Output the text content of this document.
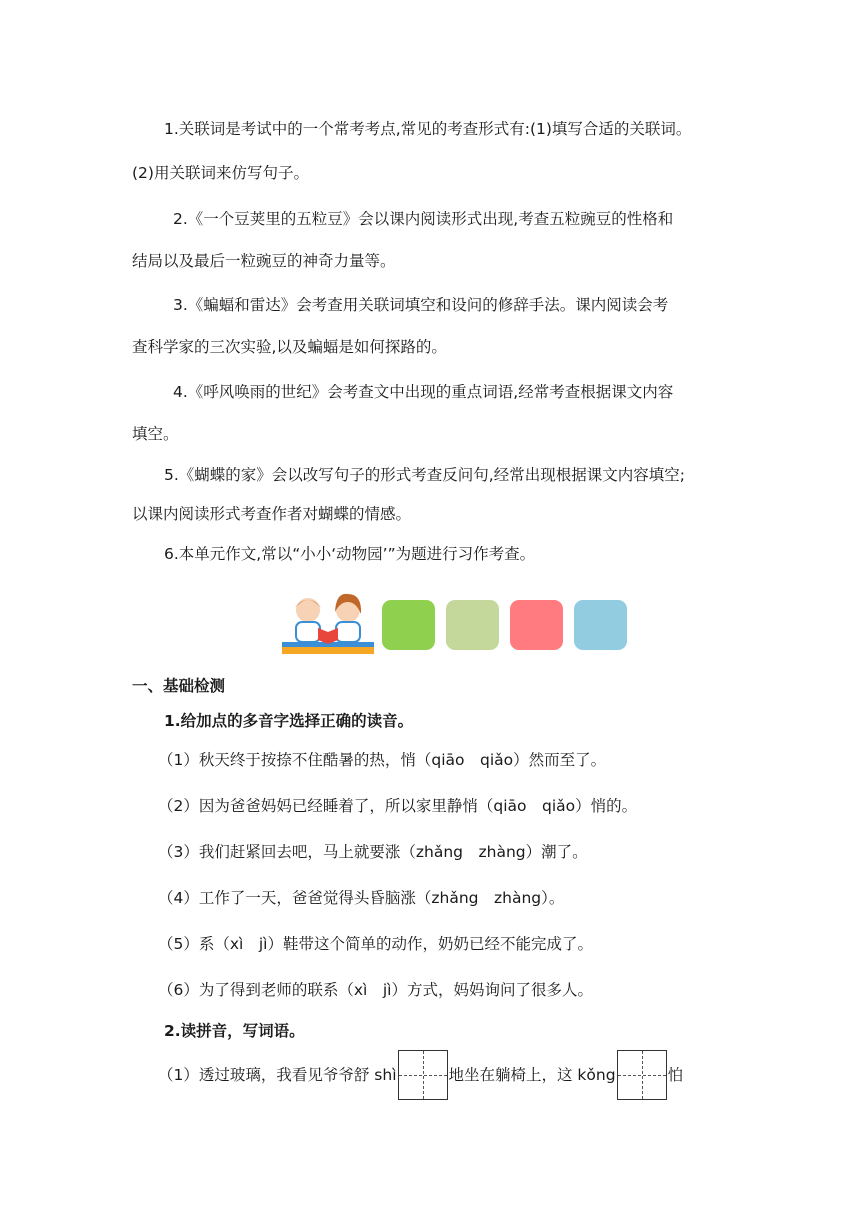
1.关联词是考试中的一个常考考点,常见的考查形式有:(1)填写合适的关联词。
(2)用关联词来仿写句子。
2.《一个豆荚里的五粒豆》会以课内阅读形式出现,考查五粒豌豆的性格和
结局以及最后一粒豌豆的神奇力量等。
3.《蝙蝠和雷达》会考查用关联词填空和设问的修辞手法。课内阅读会考
查科学家的三次实验,以及蝙蝠是如何探路的。
4.《呼风唤雨的世纪》会考查文中出现的重点词语,经常考查根据课文内容
填空。
5.《蝴蝶的家》会以改写句子的形式考查反问句,经常出现根据课文内容填空;
以课内阅读形式考查作者对蝴蝶的情感。
6.本单元作文,常以“小小‘动物园’”为题进行习作考查。
一、基础检测
1.给加点的多音字选择正确的读音。
（1）秋天终于按捺不住酷暑的热，悄（qiāo　qiǎo）然而至了。
（2）因为爸爸妈妈已经睡着了，所以家里静悄（qiāo　qiǎo）悄的。
（3）我们赶紧回去吧，马上就要涨（zhǎng　zhàng）潮了。
（4）工作了一天，爸爸觉得头昏脑涨（zhǎng　zhàng）。
（5）系（xì　jì）鞋带这个简单的动作，奶奶已经不能完成了。
（6）为了得到老师的联系（xì　jì）方式，妈妈询问了很多人。
2.读拼音，写词语。
（1）透过玻璃，我看见爷爷舒 shì	地坐在躺椅上，这 kǒng	怕
